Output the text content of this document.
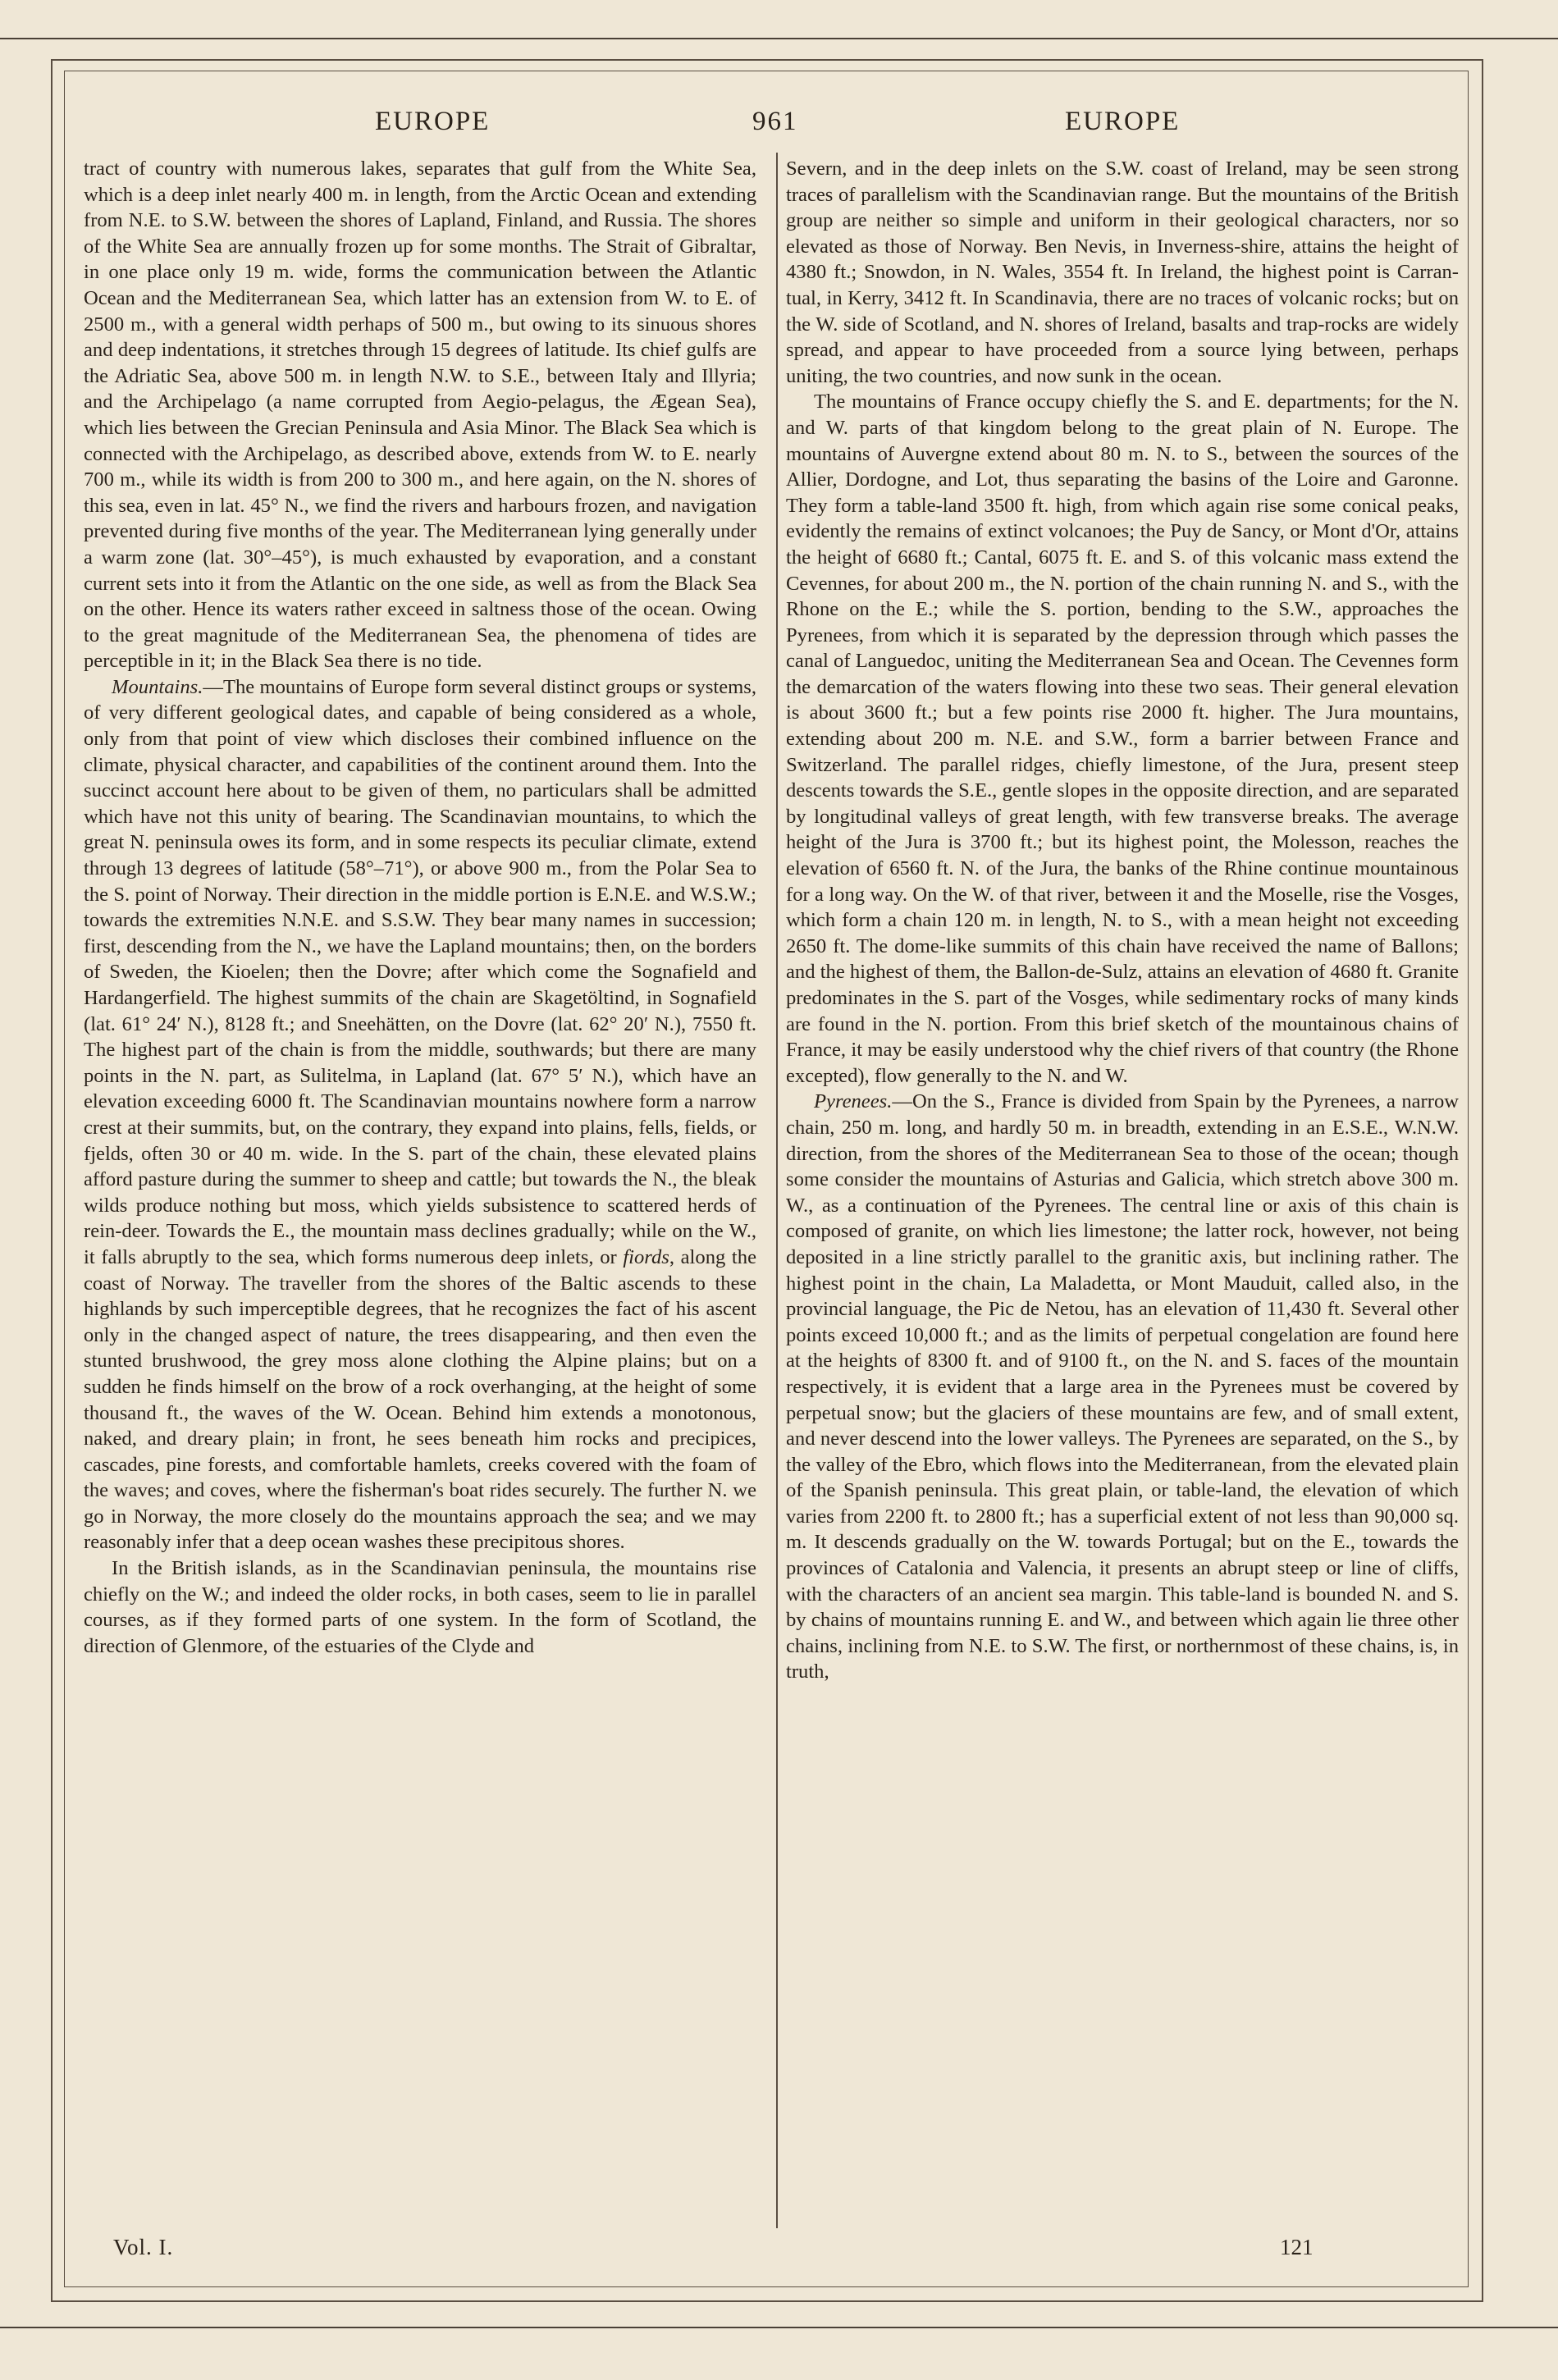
EUROPE	961	EUROPE

tract of country with numerous lakes, separates that gulf from the White Sea, which is a deep inlet nearly 400 m. in length, from the Arctic Ocean and extending from N.E. to S.W. between the shores of Lapland, Finland, and Russia. The shores of the White Sea are annually frozen up for some months. The Strait of Gibraltar, in one place only 19 m. wide, forms the communication between the Atlantic Ocean and the Mediterranean Sea, which latter has an extension from W. to E. of 2500 m., with a general width perhaps of 500 m., but owing to its sinuous shores and deep indentations, it stretches through 15 degrees of latitude. Its chief gulfs are the Adriatic Sea, above 500 m. in length N.W. to S.E., between Italy and Illyria; and the Archipelago (a name corrupted from Aegio-pelagus, the Ægean Sea), which lies between the Grecian Peninsula and Asia Minor. The Black Sea which is connected with the Archipelago, as described above, extends from W. to E. nearly 700 m., while its width is from 200 to 300 m., and here again, on the N. shores of this sea, even in lat. 45° N., we find the rivers and harbours frozen, and navigation prevented during five months of the year. The Mediterranean lying generally under a warm zone (lat. 30°–45°), is much exhausted by evaporation, and a constant current sets into it from the Atlantic on the one side, as well as from the Black Sea on the other. Hence its waters rather exceed in saltness those of the ocean. Owing to the great magnitude of the Mediterranean Sea, the phenomena of tides are perceptible in it; in the Black Sea there is no tide.

Mountains.—The mountains of Europe form several distinct groups or systems, of very different geological dates, and capable of being considered as a whole, only from that point of view which discloses their combined influence on the climate, physical character, and capabilities of the continent around them. Into the succinct account here about to be given of them, no particulars shall be admitted which have not this unity of bearing. The Scandinavian mountains, to which the great N. peninsula owes its form, and in some respects its peculiar climate, extend through 13 degrees of latitude (58°–71°), or above 900 m., from the Polar Sea to the S. point of Norway. Their direction in the middle portion is E.N.E. and W.S.W.; towards the extremities N.N.E. and S.S.W. They bear many names in succession; first, descending from the N., we have the Lapland mountains; then, on the borders of Sweden, the Kioelen; then the Dovre; after which come the Sognafield and Hardangerfield. The highest summits of the chain are Skagetöltind, in Sognafield (lat. 61° 24′ N.), 8128 ft.; and Sneehätten, on the Dovre (lat. 62° 20′ N.), 7550 ft. The highest part of the chain is from the middle, southwards; but there are many points in the N. part, as Sulitelma, in Lapland (lat. 67° 5′ N.), which have an elevation exceeding 6000 ft. The Scandinavian mountains nowhere form a narrow crest at their summits, but, on the contrary, they expand into plains, fells, fields, or fjelds, often 30 or 40 m. wide. In the S. part of the chain, these elevated plains afford pasture during the summer to sheep and cattle; but towards the N., the bleak wilds produce nothing but moss, which yields subsistence to scattered herds of rein-deer. Towards the E., the mountain mass declines gradually; while on the W., it falls abruptly to the sea, which forms numerous deep inlets, or fiords, along the coast of Norway. The traveller from the shores of the Baltic ascends to these highlands by such imperceptible degrees, that he recognizes the fact of his ascent only in the changed aspect of nature, the trees disappearing, and then even the stunted brushwood, the grey moss alone clothing the Alpine plains; but on a sudden he finds himself on the brow of a rock overhanging, at the height of some thousand ft., the waves of the W. Ocean. Behind him extends a monotonous, naked, and dreary plain; in front, he sees beneath him rocks and precipices, cascades, pine forests, and comfortable hamlets, creeks covered with the foam of the waves; and coves, where the fisherman's boat rides securely. The further N. we go in Norway, the more closely do the mountains approach the sea; and we may reasonably infer that a deep ocean washes these precipitous shores.

In the British islands, as in the Scandinavian peninsula, the mountains rise chiefly on the W.; and indeed the older rocks, in both cases, seem to lie in parallel courses, as if they formed parts of one system. In the form of Scotland, the direction of Glenmore, of the estuaries of the Clyde and

Severn, and in the deep inlets on the S.W. coast of Ireland, may be seen strong traces of parallelism with the Scandinavian range. But the mountains of the British group are neither so simple and uniform in their geological characters, nor so elevated as those of Norway. Ben Nevis, in Inverness-shire, attains the height of 4380 ft.; Snowdon, in N. Wales, 3554 ft. In Ireland, the highest point is Carran-tual, in Kerry, 3412 ft. In Scandinavia, there are no traces of volcanic rocks; but on the W. side of Scotland, and N. shores of Ireland, basalts and trap-rocks are widely spread, and appear to have proceeded from a source lying between, perhaps uniting, the two countries, and now sunk in the ocean.

The mountains of France occupy chiefly the S. and E. departments; for the N. and W. parts of that kingdom belong to the great plain of N. Europe. The mountains of Auvergne extend about 80 m. N. to S., between the sources of the Allier, Dordogne, and Lot, thus separating the basins of the Loire and Garonne. They form a table-land 3500 ft. high, from which again rise some conical peaks, evidently the remains of extinct volcanoes; the Puy de Sancy, or Mont d'Or, attains the height of 6680 ft.; Cantal, 6075 ft. E. and S. of this volcanic mass extend the Cevennes, for about 200 m., the N. portion of the chain running N. and S., with the Rhone on the E.; while the S. portion, bending to the S.W., approaches the Pyrenees, from which it is separated by the depression through which passes the canal of Languedoc, uniting the Mediterranean Sea and Ocean. The Cevennes form the demarcation of the waters flowing into these two seas. Their general elevation is about 3600 ft.; but a few points rise 2000 ft. higher. The Jura mountains, extending about 200 m. N.E. and S.W., form a barrier between France and Switzerland. The parallel ridges, chiefly limestone, of the Jura, present steep descents towards the S.E., gentle slopes in the opposite direction, and are separated by longitudinal valleys of great length, with few transverse breaks. The average height of the Jura is 3700 ft.; but its highest point, the Molesson, reaches the elevation of 6560 ft. N. of the Jura, the banks of the Rhine continue mountainous for a long way. On the W. of that river, between it and the Moselle, rise the Vosges, which form a chain 120 m. in length, N. to S., with a mean height not exceeding 2650 ft. The dome-like summits of this chain have received the name of Ballons; and the highest of them, the Ballon-de-Sulz, attains an elevation of 4680 ft. Granite predominates in the S. part of the Vosges, while sedimentary rocks of many kinds are found in the N. portion. From this brief sketch of the mountainous chains of France, it may be easily understood why the chief rivers of that country (the Rhone excepted), flow generally to the N. and W.

Pyrenees.—On the S., France is divided from Spain by the Pyrenees, a narrow chain, 250 m. long, and hardly 50 m. in breadth, extending in an E.S.E., W.N.W. direction, from the shores of the Mediterranean Sea to those of the ocean; though some consider the mountains of Asturias and Galicia, which stretch above 300 m. W., as a continuation of the Pyrenees. The central line or axis of this chain is composed of granite, on which lies limestone; the latter rock, however, not being deposited in a line strictly parallel to the granitic axis, but inclining rather. The highest point in the chain, La Maladetta, or Mont Mauduit, called also, in the provincial language, the Pic de Netou, has an elevation of 11,430 ft. Several other points exceed 10,000 ft.; and as the limits of perpetual congelation are found here at the heights of 8300 ft. and of 9100 ft., on the N. and S. faces of the mountain respectively, it is evident that a large area in the Pyrenees must be covered by perpetual snow; but the glaciers of these mountains are few, and of small extent, and never descend into the lower valleys. The Pyrenees are separated, on the S., by the valley of the Ebro, which flows into the Mediterranean, from the elevated plain of the Spanish peninsula. This great plain, or table-land, the elevation of which varies from 2200 ft. to 2800 ft.; has a superficial extent of not less than 90,000 sq. m. It descends gradually on the W. towards Portugal; but on the E., towards the provinces of Catalonia and Valencia, it presents an abrupt steep or line of cliffs, with the characters of an ancient sea margin. This table-land is bounded N. and S. by chains of mountains running E. and W., and between which again lie three other chains, inclining from N.E. to S.W. The first, or northernmost of these chains, is, in truth,

Vol. I.	121
